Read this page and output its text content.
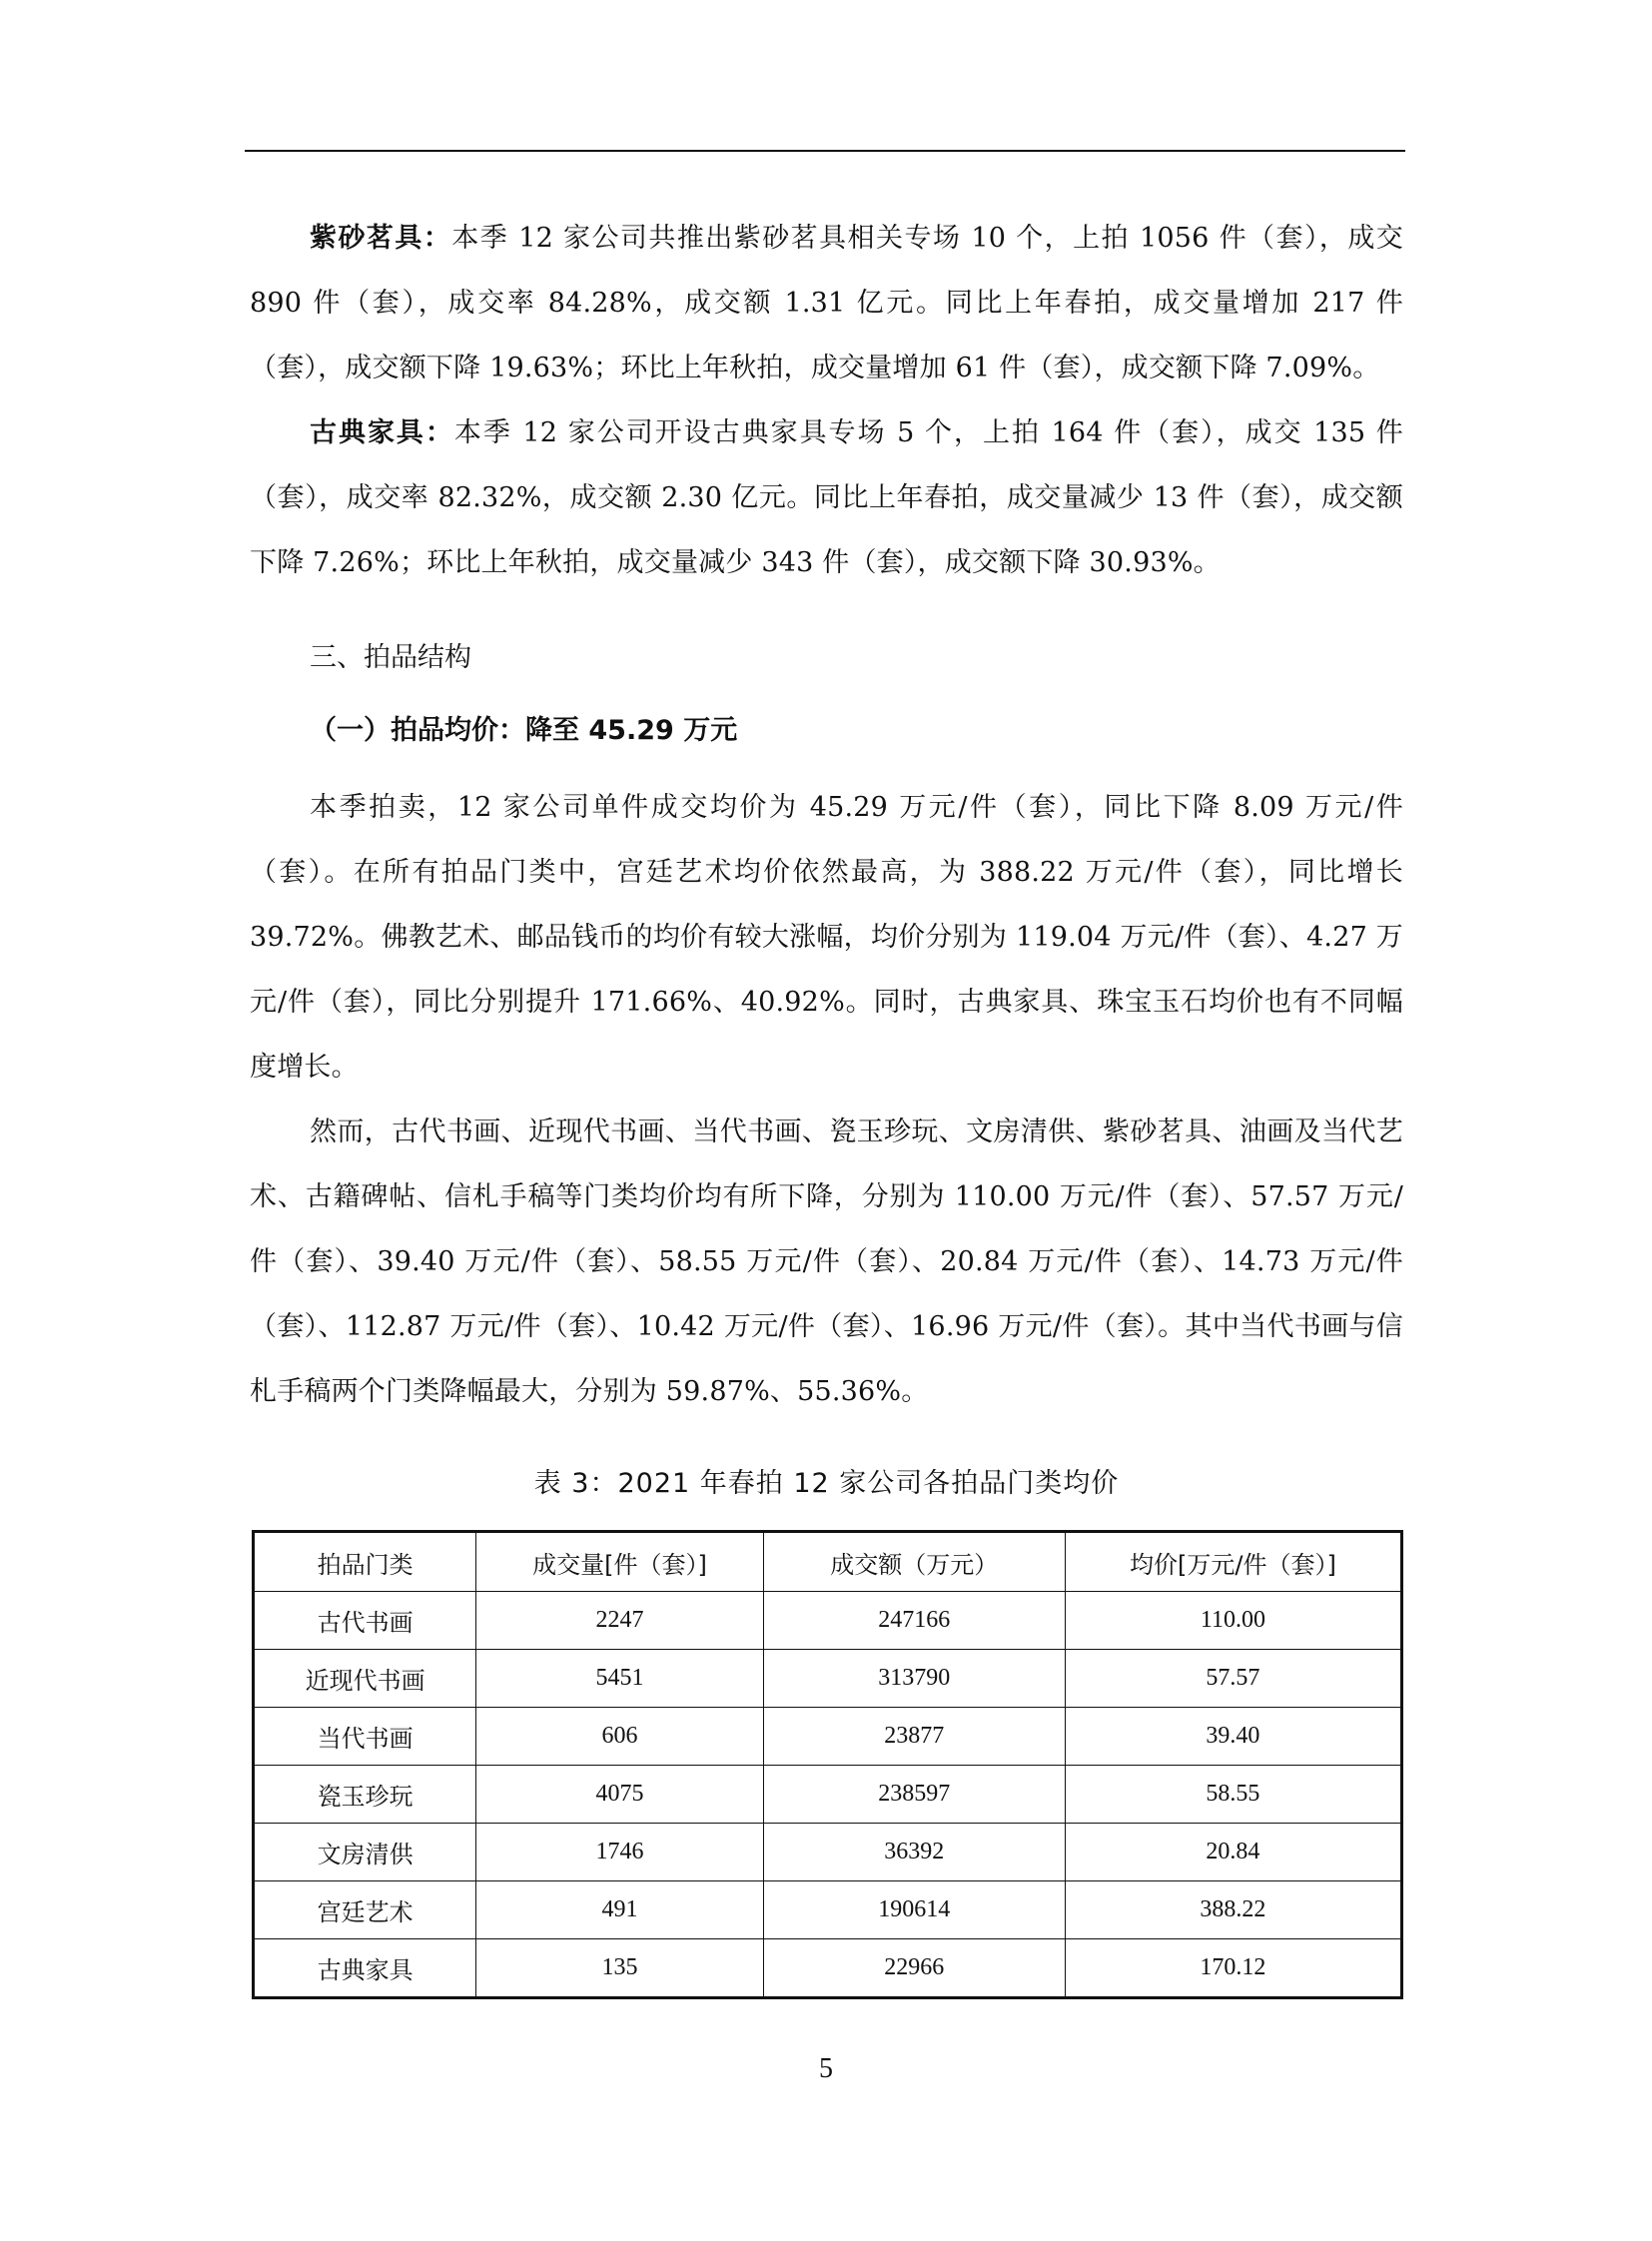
紫砂茗具：本季 12 家公司共推出紫砂茗具相关专场 10 个，上拍 1056 件（套），成交 890 件（套），成交率 84.28%，成交额 1.31 亿元。同比上年春拍，成交量增加 217 件（套），成交额下降 19.63%；环比上年秋拍，成交量增加 61 件（套），成交额下降 7.09%。

古典家具：本季 12 家公司开设古典家具专场 5 个，上拍 164 件（套），成交 135 件（套），成交率 82.32%，成交额 2.30 亿元。同比上年春拍，成交量减少 13 件（套），成交额下降 7.26%；环比上年秋拍，成交量减少 343 件（套），成交额下降 30.93%。

三、拍品结构
（一）拍品均价：降至 45.29 万元

本季拍卖，12 家公司单件成交均价为 45.29 万元/件（套），同比下降 8.09 万元/件（套）。在所有拍品门类中，宫廷艺术均价依然最高，为 388.22 万元/件（套），同比增长 39.72%。佛教艺术、邮品钱币的均价有较大涨幅，均价分别为 119.04 万元/件（套）、4.27 万元/件（套），同比分别提升 171.66%、40.92%。同时，古典家具、珠宝玉石均价也有不同幅度增长。

然而，古代书画、近现代书画、当代书画、瓷玉珍玩、文房清供、紫砂茗具、油画及当代艺术、古籍碑帖、信札手稿等门类均价均有所下降，分别为 110.00 万元/件（套）、57.57 万元/件（套）、39.40 万元/件（套）、58.55 万元/件（套）、20.84 万元/件（套）、14.73 万元/件（套）、112.87 万元/件（套）、10.42 万元/件（套）、16.96 万元/件（套）。其中当代书画与信札手稿两个门类降幅最大，分别为 59.87%、55.36%。

表 3：2021 年春拍 12 家公司各拍品门类均价
拍品门类	成交量[件（套）]	成交额（万元）	均价[万元/件（套）]
古代书画	2247	247166	110.00
近现代书画	5451	313790	57.57
当代书画	606	23877	39.40
瓷玉珍玩	4075	238597	58.55
文房清供	1746	36392	20.84
宫廷艺术	491	190614	388.22
古典家具	135	22966	170.12
5
